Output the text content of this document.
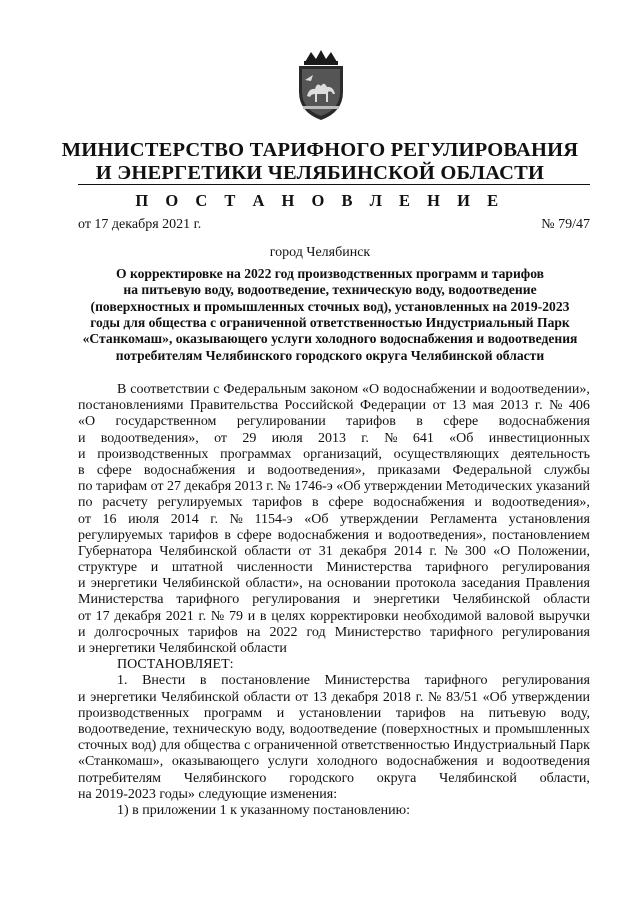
МИНИСТЕРСТВО ТАРИФНОГО РЕГУЛИРОВАНИЯ
И ЭНЕРГЕТИКИ ЧЕЛЯБИНСКОЙ ОБЛАСТИ
П О С Т А Н О В Л Е Н И Е
от 17 декабря 2021 г.	№ 79/47
город Челябинск
О корректировке на 2022 год производственных программ и тарифов
на питьевую воду, водоотведение, техническую воду, водоотведение
(поверхностных и промышленных сточных вод), установленных на 2019-2023
годы для общества с ограниченной ответственностью Индустриальный Парк
«Станкомаш», оказывающего услуги холодного водоснабжения и водоотведения
потребителям Челябинского городского округа Челябинской области
В соответствии с Федеральным законом «О водоснабжении и водоотведении»,
постановлениями Правительства Российской Федерации от 13 мая 2013 г. № 406
«О государственном регулировании тарифов в сфере водоснабжения
и водоотведения», от 29 июля 2013 г. № 641 «Об инвестиционных
и производственных программах организаций, осуществляющих деятельность
в сфере водоснабжения и водоотведения», приказами Федеральной службы
по тарифам от 27 декабря 2013 г. № 1746-э «Об утверждении Методических указаний
по расчету регулируемых тарифов в сфере водоснабжения и водоотведения»,
от 16 июля 2014 г. № 1154-э «Об утверждении Регламента установления
регулируемых тарифов в сфере водоснабжения и водоотведения», постановлением
Губернатора Челябинской области от 31 декабря 2014 г. № 300 «О Положении,
структуре и штатной численности Министерства тарифного регулирования
и энергетики Челябинской области», на основании протокола заседания Правления
Министерства тарифного регулирования и энергетики Челябинской области
от 17 декабря 2021 г. № 79 и в целях корректировки необходимой валовой выручки
и долгосрочных тарифов на 2022 год Министерство тарифного регулирования
и энергетики Челябинской области
ПОСТАНОВЛЯЕТ:
1. Внести в постановление Министерства тарифного регулирования
и энергетики Челябинской области от 13 декабря 2018 г. № 83/51 «Об утверждении
производственных программ и установлении тарифов на питьевую воду,
водоотведение, техническую воду, водоотведение (поверхностных и промышленных
сточных вод) для общества с ограниченной ответственностью Индустриальный Парк
«Станкомаш», оказывающего услуги холодного водоснабжения и водоотведения
потребителям Челябинского городского округа Челябинской области,
на 2019-2023 годы» следующие изменения:
1) в приложении 1 к указанному постановлению:
